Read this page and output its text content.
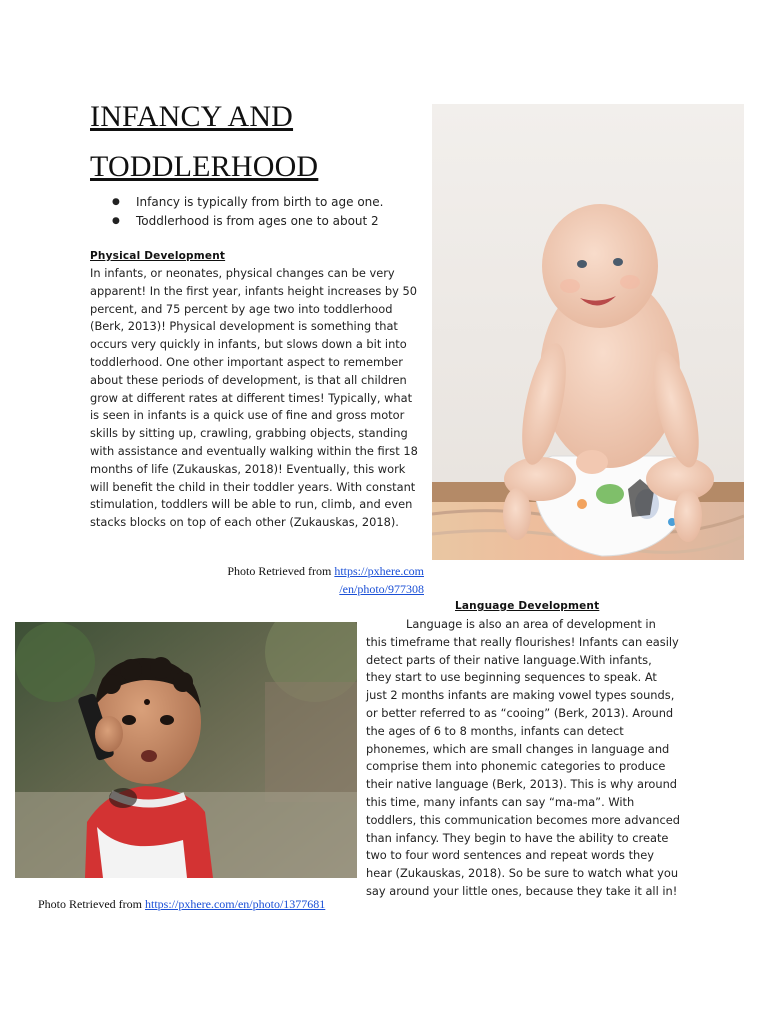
INFANCY AND
TODDLERHOOD
● Infancy is typically from birth to age one.
● Toddlerhood is from ages one to about 2
Physical Development

In infants, or neonates, physical changes can be very apparent! In the first year, infants height increases by 50 percent, and 75 percent by age two into toddlerhood (Berk, 2013)! Physical development is something that occurs very quickly in infants, but slows down a bit into toddlerhood. One other important aspect to remember about these periods of development, is that all children grow at different rates at different times! Typically, what is seen in infants is a quick use of fine and gross motor skills by sitting up, crawling, grabbing objects, standing with assistance and eventually walking within the first 18 months of life (Zukauskas, 2018)! Eventually, this work will benefit the child in their toddler years. With constant stimulation, toddlers will be able to run, climb, and even stacks blocks on top of each other (Zukauskas, 2018).

Photo Retrieved from https://pxhere.com
/en/photo/977308
Language Development

Language is also an area of development in this timeframe that really flourishes! Infants can easily detect parts of their native language.With infants, they start to use beginning sequences to speak. At just 2 months infants are making vowel types sounds, or better referred to as “cooing” (Berk, 2013). Around the ages of 6 to 8 months, infants can detect phonemes, which are small changes in language and comprise them into phonemic categories to produce their native language (Berk, 2013). This is why around this time, many infants can say “ma-ma”. With toddlers, this communication becomes more advanced than infancy. They begin to have the ability to create two to four word sentences and repeat words they hear (Zukauskas, 2018). So be sure to watch what you say around your little ones, because they take it all in!

Photo Retrieved from https://pxhere.com/en/photo/1377681
